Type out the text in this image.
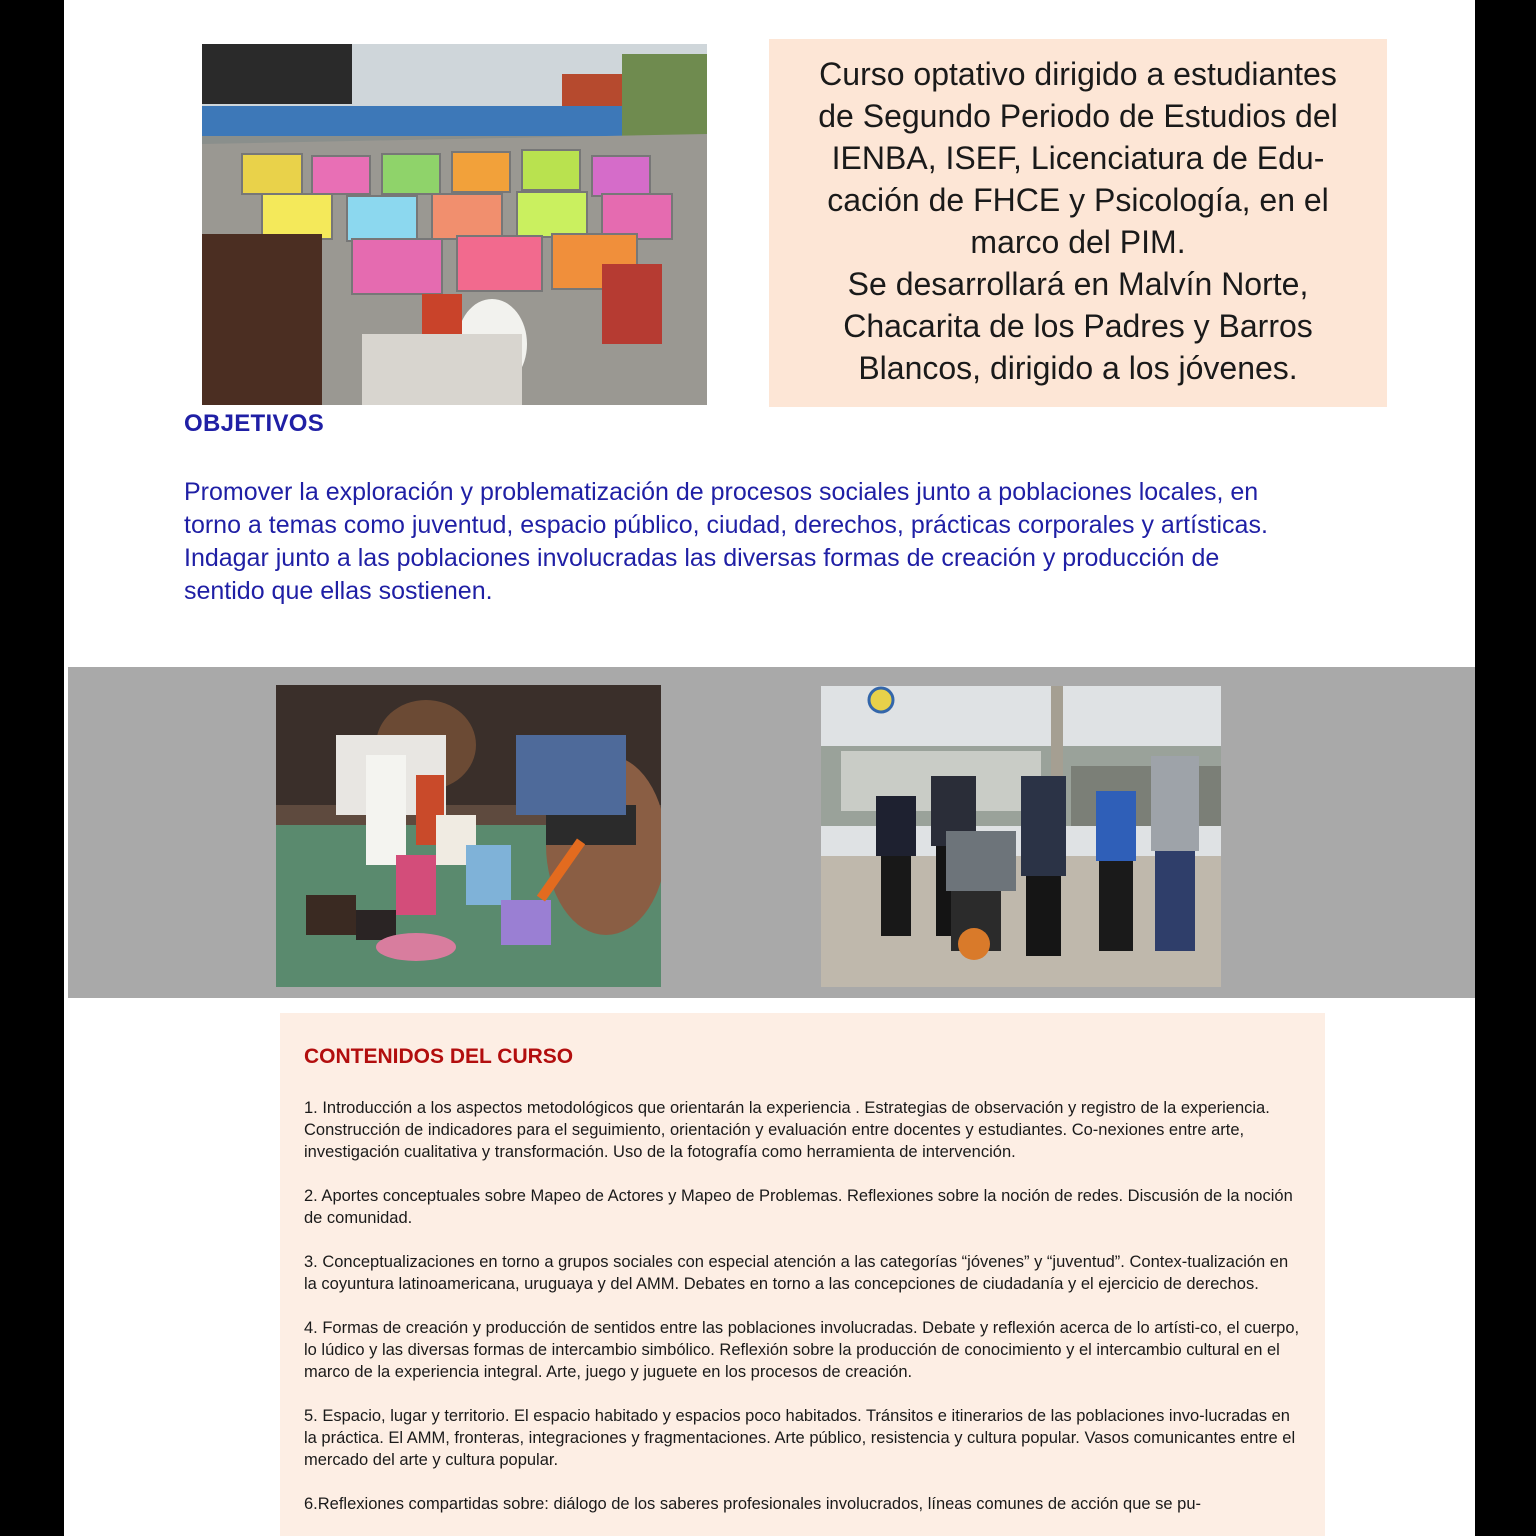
Curso optativo dirigido a estudiantes

de Segundo Periodo de Estudios del

IENBA, ISEF, Licenciatura de Edu-

cación de FHCE y Psicología, en el

marco del PIM.

Se desarrollará en Malvín Norte,

Chacarita de los Padres y Barros

Blancos, dirigido a los jóvenes.

OBJETIVOS

Promover la exploración y problematización de procesos sociales junto a poblaciones locales, en

torno a temas como juventud, espacio público, ciudad, derechos, prácticas corporales y artísticas.

Indagar junto a las poblaciones involucradas las diversas formas de creación y producción de

sentido que ellas sostienen.

CONTENIDOS DEL CURSO

1. Introducción a los aspectos metodológicos que orientarán la experiencia . Estrategias de observación y registro de la experiencia. Construcción de indicadores para el seguimiento, orientación y evaluación entre docentes y estudiantes. Co-nexiones entre arte, investigación cualitativa y transformación. Uso de la fotografía como herramienta de intervención.

2. Aportes conceptuales sobre Mapeo de Actores y Mapeo de Problemas. Reflexiones sobre la noción de redes. Discusión de la noción de comunidad.

3. Conceptualizaciones en torno a grupos sociales con especial atención a las categorías “jóvenes” y “juventud”. Contex-tualización en la coyuntura latinoamericana, uruguaya y del AMM. Debates en torno a las concepciones de ciudadanía y el ejercicio de derechos.

4. Formas de creación y producción de sentidos entre las poblaciones involucradas. Debate y reflexión acerca de lo artísti-co, el cuerpo, lo lúdico y las diversas formas de intercambio simbólico. Reflexión sobre la producción de conocimiento y el intercambio cultural en el marco de la experiencia integral. Arte, juego y juguete en los procesos de creación.

5. Espacio, lugar y territorio. El espacio habitado y espacios poco habitados. Tránsitos e itinerarios de las poblaciones invo-lucradas en la práctica. El AMM, fronteras, integraciones y fragmentaciones. Arte público, resistencia y cultura popular. Vasos comunicantes entre el mercado del arte y cultura popular.

6.Reflexiones compartidas sobre: diálogo de los saberes profesionales involucrados, líneas comunes de acción que se pu-
